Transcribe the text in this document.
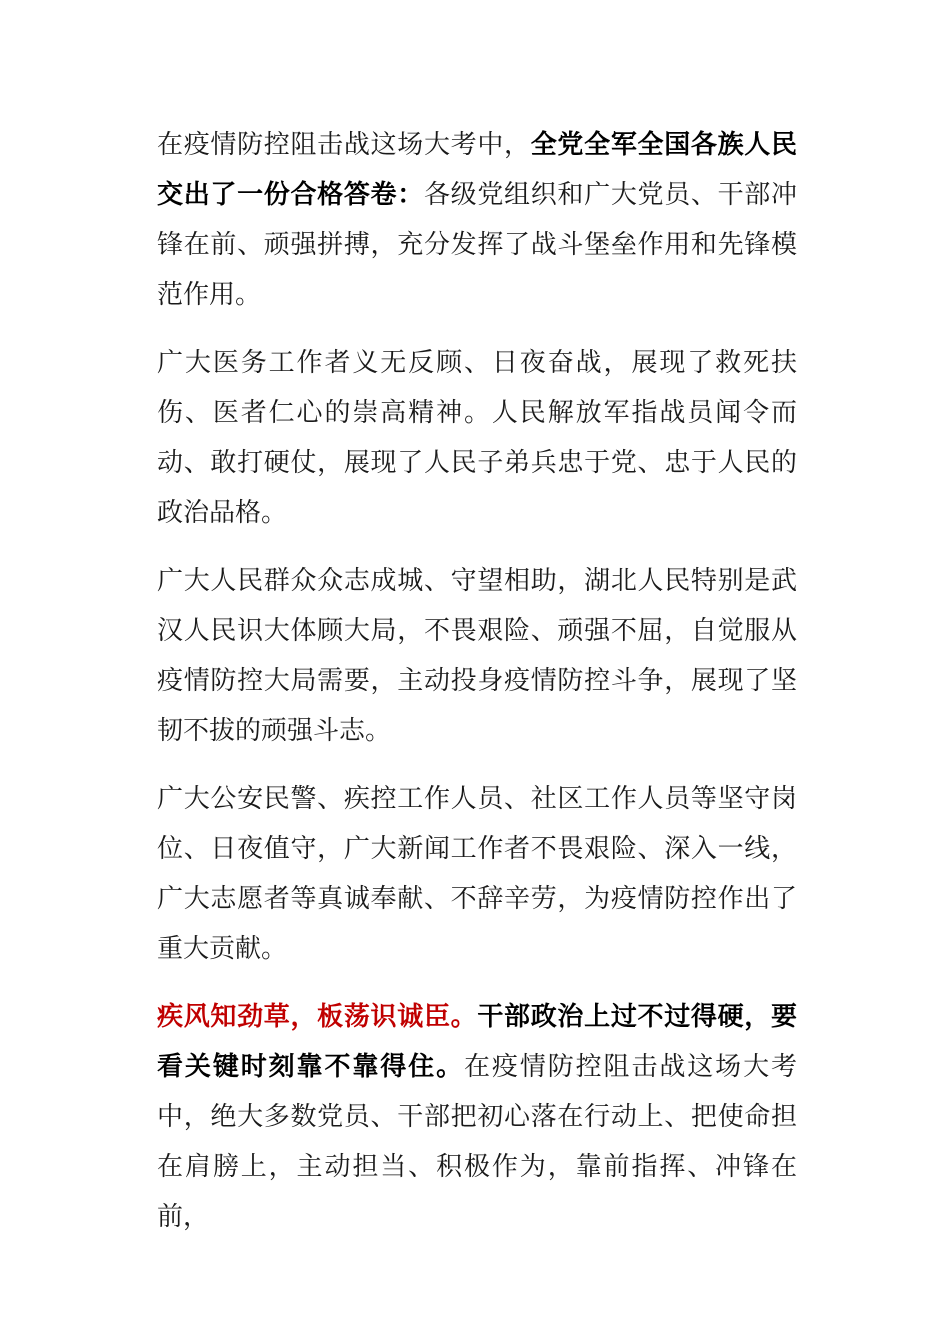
在疫情防控阻击战这场大考中，全党全军全国各族人民交出了一份合格答卷：各级党组织和广大党员、干部冲锋在前、顽强拼搏，充分发挥了战斗堡垒作用和先锋模范作用。

广大医务工作者义无反顾、日夜奋战，展现了救死扶伤、医者仁心的崇高精神。人民解放军指战员闻令而动、敢打硬仗，展现了人民子弟兵忠于党、忠于人民的政治品格。

广大人民群众众志成城、守望相助，湖北人民特别是武汉人民识大体顾大局，不畏艰险、顽强不屈，自觉服从疫情防控大局需要，主动投身疫情防控斗争，展现了坚韧不拔的顽强斗志。

广大公安民警、疾控工作人员、社区工作人员等坚守岗位、日夜值守，广大新闻工作者不畏艰险、深入一线，广大志愿者等真诚奉献、不辞辛劳，为疫情防控作出了重大贡献。

疾风知劲草，板荡识诚臣。干部政治上过不过得硬，要看关键时刻靠不靠得住。在疫情防控阻击战这场大考中，绝大多数党员、干部把初心落在行动上、把使命担在肩膀上，主动担当、积极作为，靠前指挥、冲锋在前，
